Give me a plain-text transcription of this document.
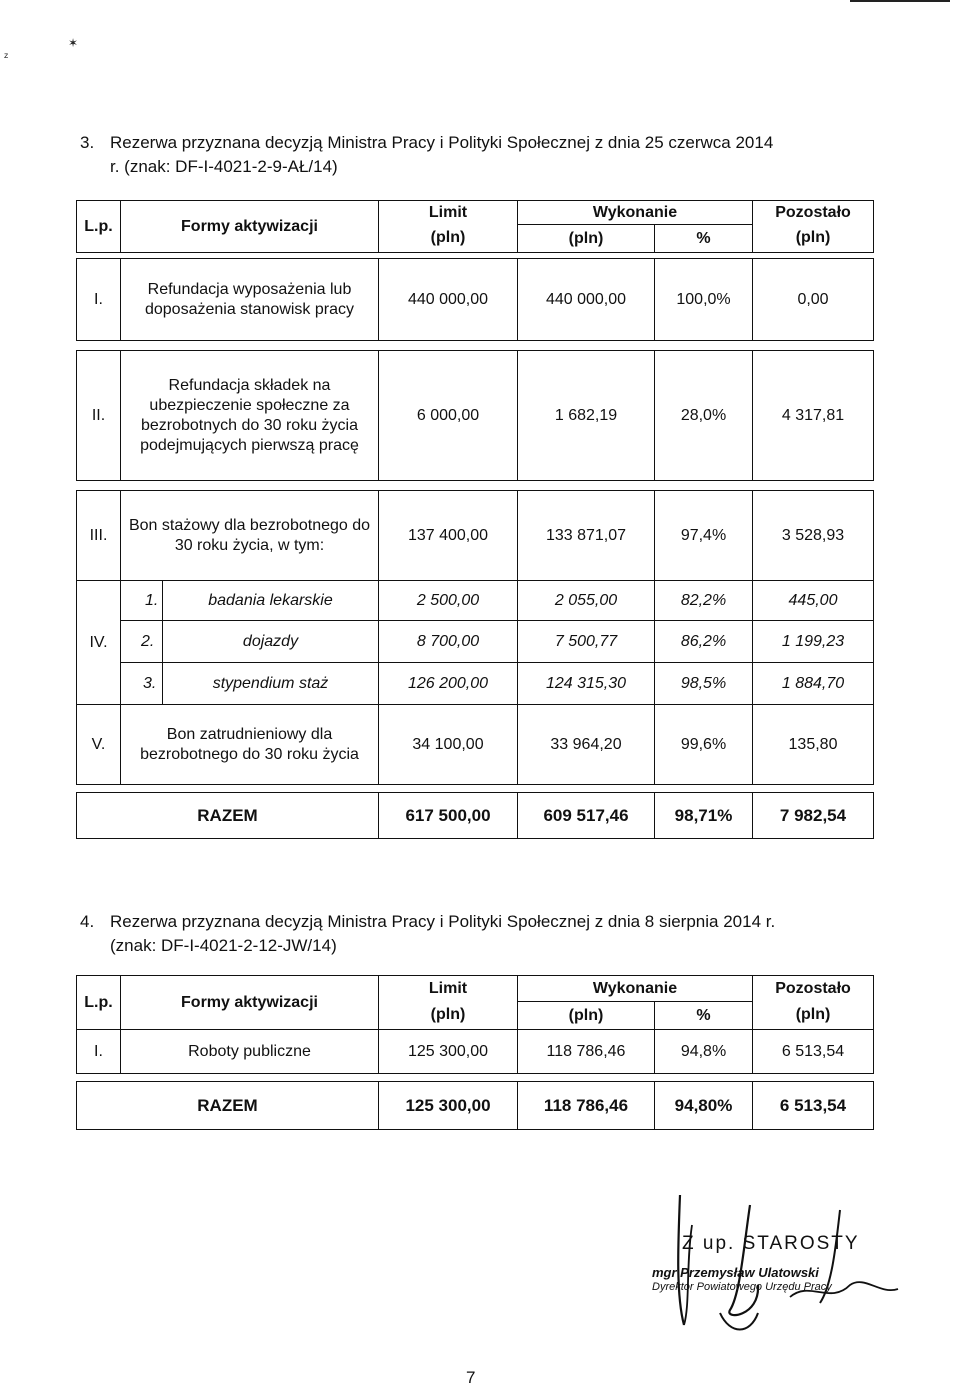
✶
ᶻ
3. Rezerwa przyznana decyzją Ministra Pracy i Polityki Społecznej z dnia 25 czerwca 2014
r. (znak: DF-I-4021-2-9-AŁ/14)
L.p.	Formy aktywizacji	Limit	Wykonanie		Pozostało
		(pln)	(pln)	%	(pln)

I.	Refundacja wyposażenia lub doposażenia stanowisk pracy	440 000,00	440 000,00	100,0%	0,00

II.	Refundacja składek na ubezpieczenie społeczne za bezrobotnych do 30 roku życia podejmujących pierwszą pracę	6 000,00	1 682,19	28,0%	4 317,81

III.	Bon stażowy dla bezrobotnego do 30 roku życia, w tym:	137 400,00	133 871,07	97,4%	3 528,93
IV.	1.	badania lekarskie	2 500,00	2 055,00	82,2%	445,00
	2.	dojazdy	8 700,00	7 500,77	86,2%	1 199,23
	3.	stypendium staż	126 200,00	124 315,30	98,5%	1 884,70
V.	Bon zatrudnieniowy dla bezrobotnego do 30 roku życia	34 100,00	33 964,20	99,6%	135,80

RAZEM		617 500,00	609 517,46	98,71%	7 982,54
4. Rezerwa przyznana decyzją Ministra Pracy i Polityki Społecznej z dnia 8 sierpnia 2014 r.
(znak: DF-I-4021-2-12-JW/14)
L.p.	Formy aktywizacji	Limit	Wykonanie		Pozostało
		(pln)	(pln)	%	(pln)
I.	Roboty publiczne	125 300,00	118 786,46	94,8%	6 513,54

RAZEM		125 300,00	118 786,46	94,80%	6 513,54
Z up. STAROSTY
mgr Przemysław Ulatowski
Dyrektor Powiatowego Urzędu Pracy
7
